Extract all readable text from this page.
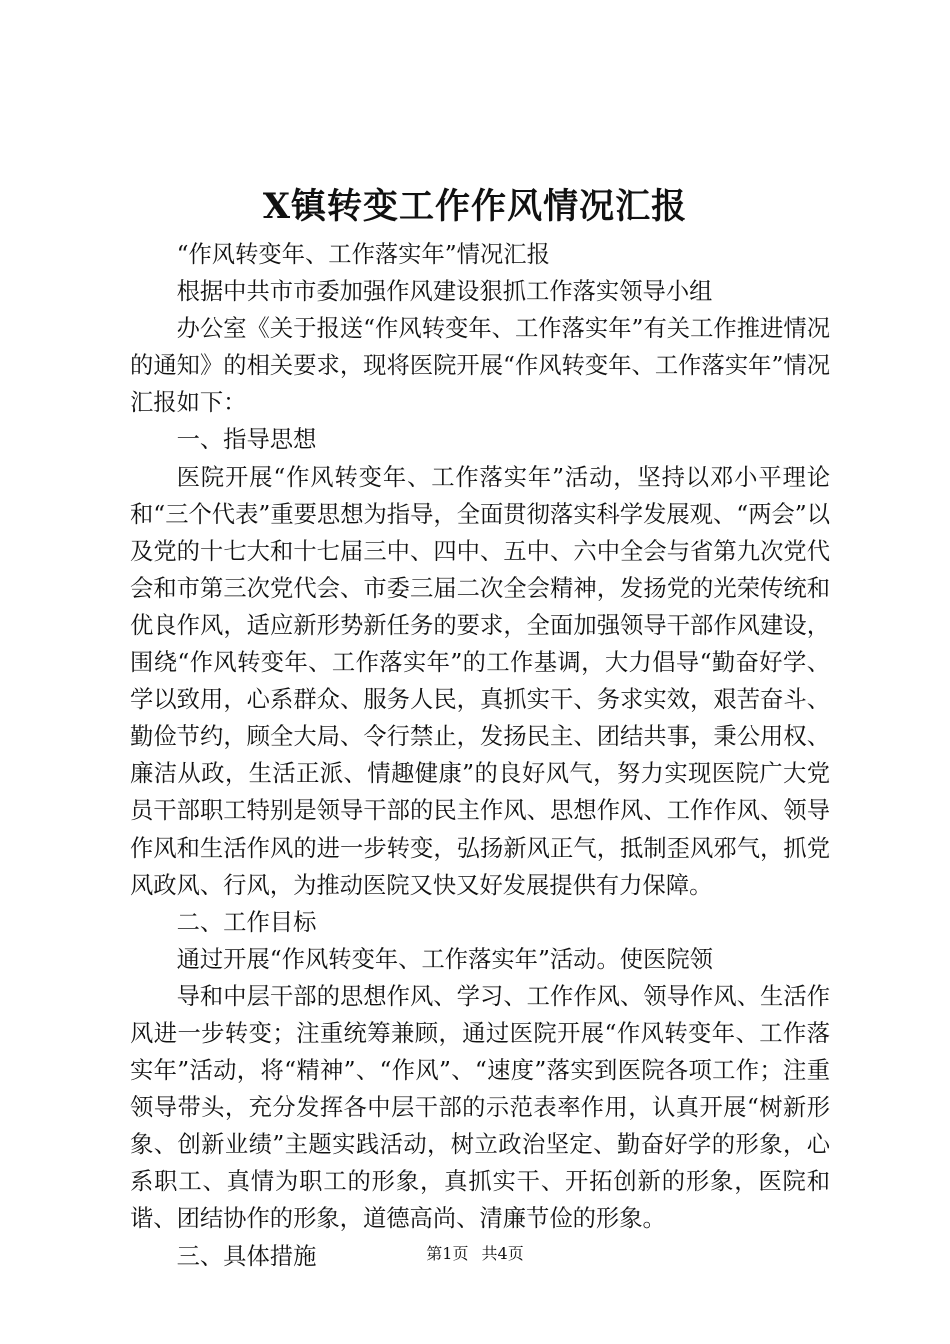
X镇转变工作作风情况汇报

“作风转变年、工作落实年”情况汇报

根据中共市市委加强作风建设狠抓工作落实领导小组

办公室《关于报送“作风转变年、工作落实年”有关工作推进情况的通知》的相关要求，现将医院开展“作风转变年、工作落实年”情况汇报如下：

一、指导思想

医院开展“作风转变年、工作落实年”活动，坚持以邓小平理论和“三个代表”重要思想为指导，全面贯彻落实科学发展观、“两会”以及党的十七大和十七届三中、四中、五中、六中全会与省第九次党代会和市第三次党代会、市委三届二次全会精神，发扬党的光荣传统和优良作风，适应新形势新任务的要求，全面加强领导干部作风建设，围绕“作风转变年、工作落实年”的工作基调，大力倡导“勤奋好学、学以致用，心系群众、服务人民，真抓实干、务求实效，艰苦奋斗、勤俭节约，顾全大局、令行禁止，发扬民主、团结共事，秉公用权、廉洁从政，生活正派、情趣健康”的良好风气，努力实现医院广大党员干部职工特别是领导干部的民主作风、思想作风、工作作风、领导作风和生活作风的进一步转变，弘扬新风正气，抵制歪风邪气，抓党风政风、行风，为推动医院又快又好发展提供有力保障。

二、工作目标

通过开展“作风转变年、工作落实年”活动。使医院领

导和中层干部的思想作风、学习、工作作风、领导作风、生活作风进一步转变；注重统筹兼顾，通过医院开展“作风转变年、工作落实年”活动，将“精神”、“作风”、“速度”落实到医院各项工作；注重领导带头，充分发挥各中层干部的示范表率作用，认真开展“树新形象、创新业绩”主题实践活动，树立政治坚定、勤奋好学的形象，心系职工、真情为职工的形象，真抓实干、开拓创新的形象，医院和谐、团结协作的形象，道德高尚、清廉节俭的形象。

三、具体措施	第1页 共4页
